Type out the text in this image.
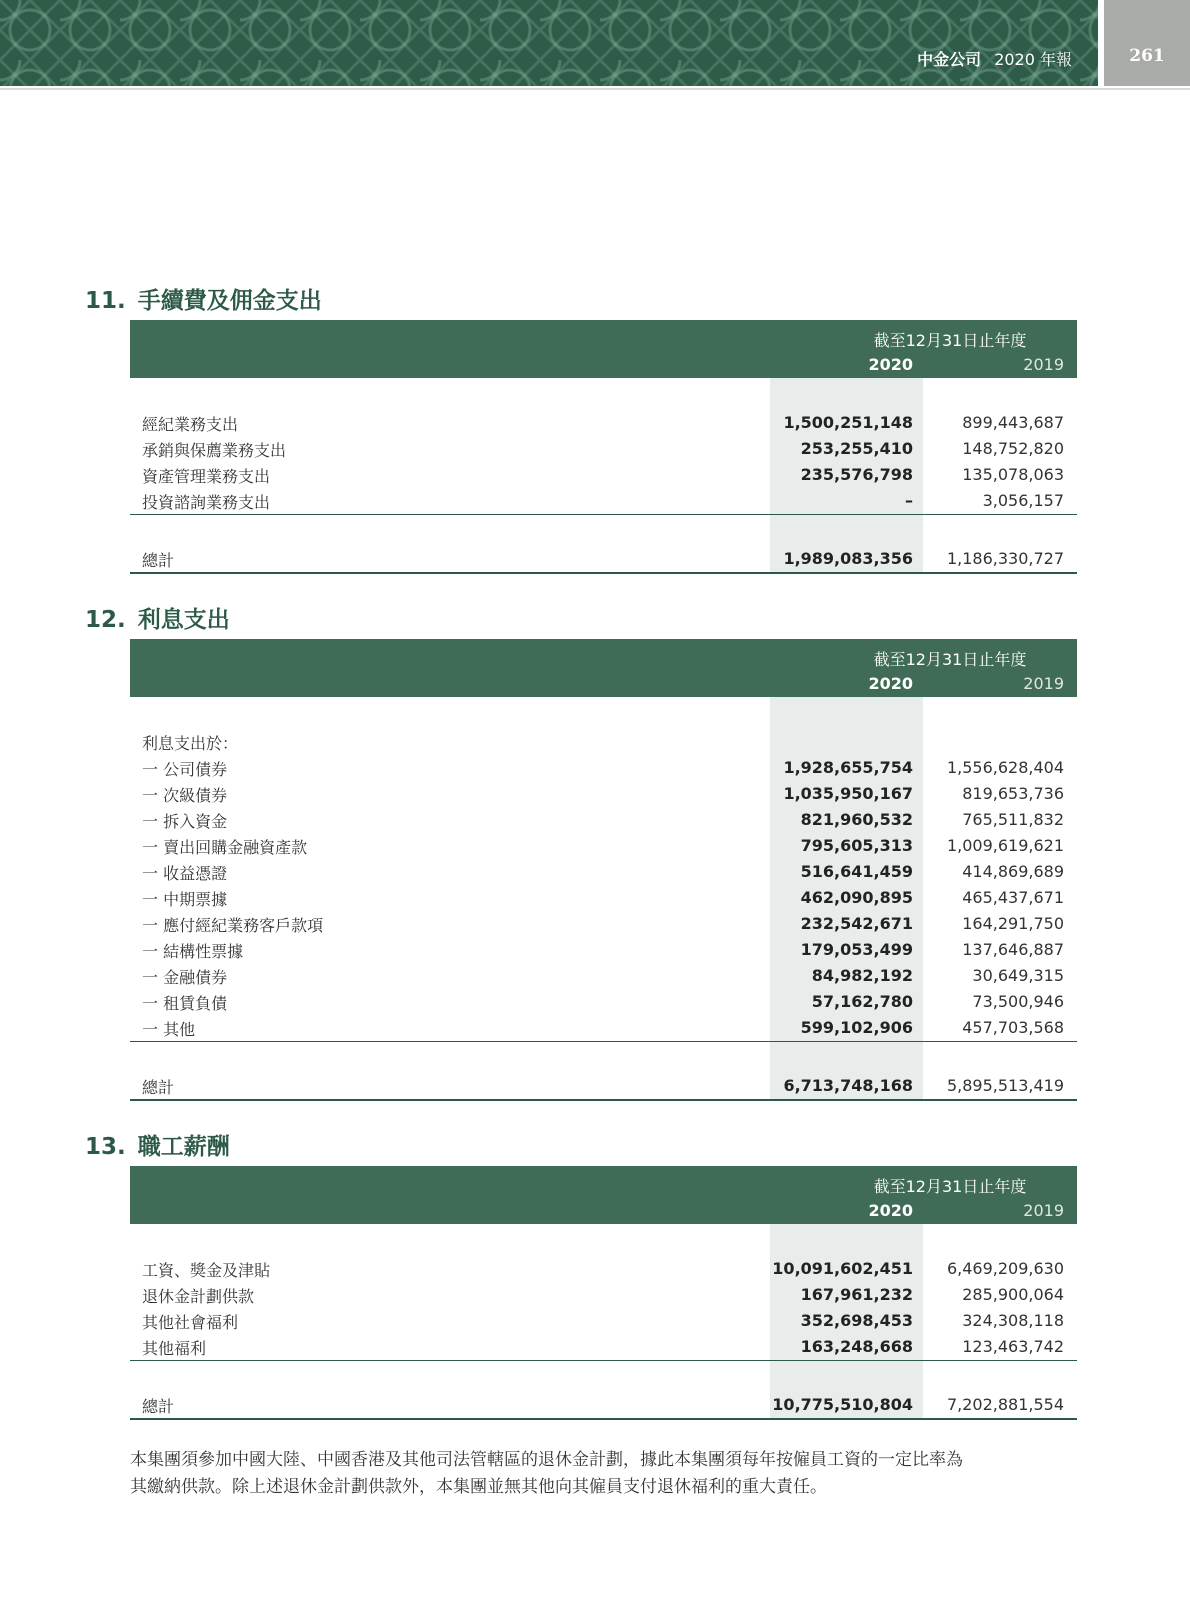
中金公司 2020 年報	261
11. 手續費及佣金支出
截至12月31日止年度
2020	2019
經紀業務支出	1,500,251,148	899,443,687
承銷與保薦業務支出	253,255,410	148,752,820
資產管理業務支出	235,576,798	135,078,063
投資諮詢業務支出	–	3,056,157
總計	1,989,083,356	1,186,330,727
12. 利息支出
截至12月31日止年度
2020	2019
利息支出於：
一 公司債券	1,928,655,754	1,556,628,404
一 次級債券	1,035,950,167	819,653,736
一 拆入資金	821,960,532	765,511,832
一 賣出回購金融資產款	795,605,313	1,009,619,621
一 收益憑證	516,641,459	414,869,689
一 中期票據	462,090,895	465,437,671
一 應付經紀業務客戶款項	232,542,671	164,291,750
一 結構性票據	179,053,499	137,646,887
一 金融債券	84,982,192	30,649,315
一 租賃負債	57,162,780	73,500,946
一 其他	599,102,906	457,703,568
總計	6,713,748,168	5,895,513,419
13. 職工薪酬
截至12月31日止年度
2020	2019
工資、獎金及津貼	10,091,602,451	6,469,209,630
退休金計劃供款	167,961,232	285,900,064
其他社會福利	352,698,453	324,308,118
其他福利	163,248,668	123,463,742
總計	10,775,510,804	7,202,881,554

本集團須參加中國大陸、中國香港及其他司法管轄區的退休金計劃，據此本集團須每年按僱員工資的一定比率為

其繳納供款。除上述退休金計劃供款外，本集團並無其他向其僱員支付退休福利的重大責任。
